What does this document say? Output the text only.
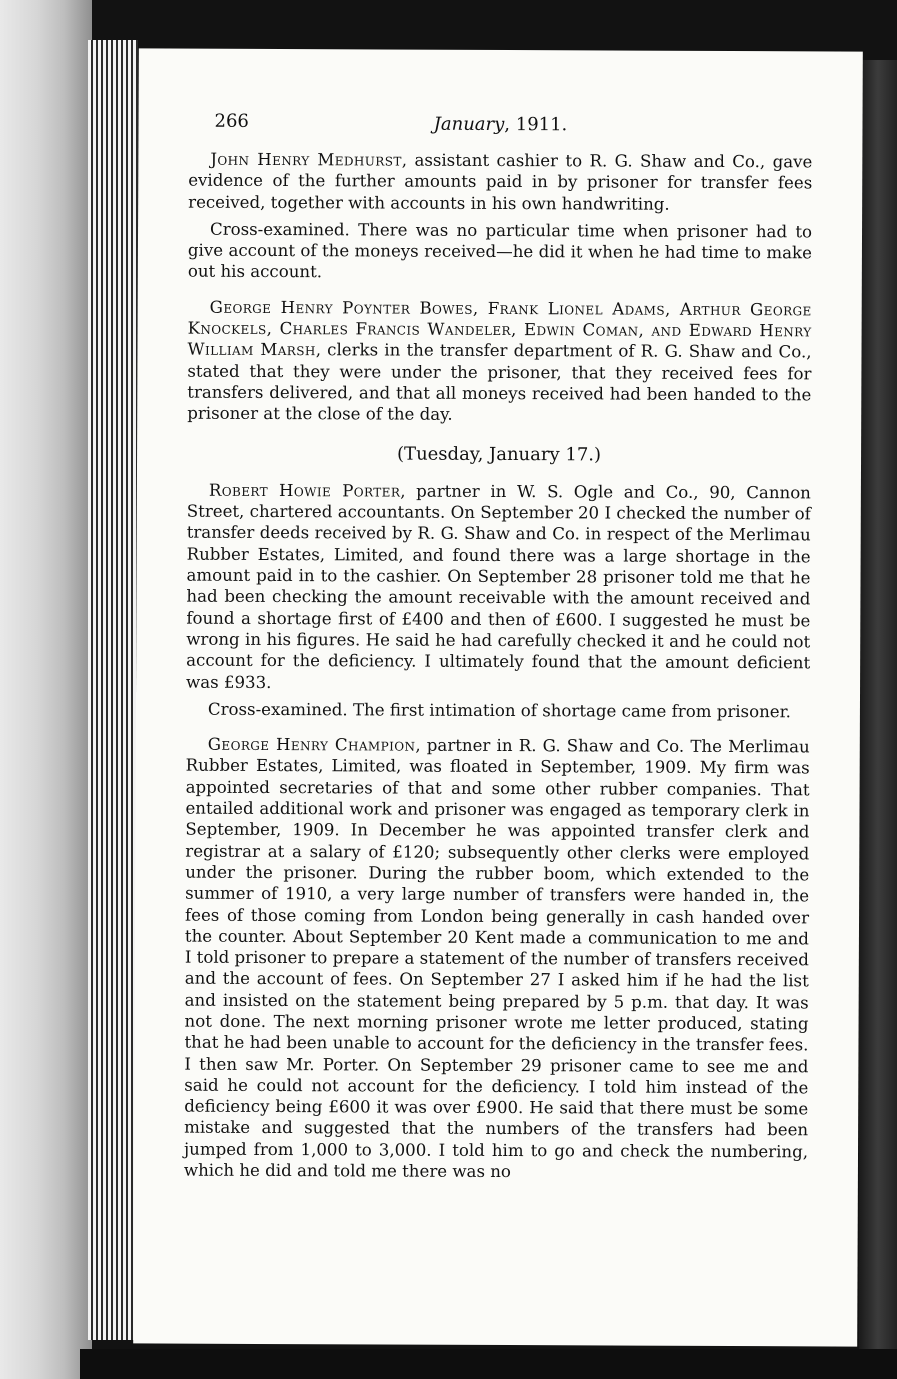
266	January, 1911.

John Henry Medhurst, assistant cashier to R. G. Shaw and Co., gave evidence of the further amounts paid in by prisoner for transfer fees received, together with accounts in his own handwriting.

Cross-examined. There was no particular time when prisoner had to give account of the moneys received—he did it when he had time to make out his account.

George Henry Poynter Bowes, Frank Lionel Adams, Arthur George Knockels, Charles Francis Wandeler, Edwin Coman, and Edward Henry William Marsh, clerks in the transfer department of R. G. Shaw and Co., stated that they were under the prisoner, that they received fees for transfers delivered, and that all moneys received had been handed to the prisoner at the close of the day.

(Tuesday, January 17.)

Robert Howie Porter, partner in W. S. Ogle and Co., 90, Cannon Street, chartered accountants. On September 20 I checked the number of transfer deeds received by R. G. Shaw and Co. in respect of the Merlimau Rubber Estates, Limited, and found there was a large shortage in the amount paid in to the cashier. On September 28 prisoner told me that he had been checking the amount receivable with the amount received and found a shortage first of £400 and then of £600. I suggested he must be wrong in his figures. He said he had carefully checked it and he could not account for the deficiency. I ultimately found that the amount deficient was £933.

Cross-examined. The first intimation of shortage came from prisoner.

George Henry Champion, partner in R. G. Shaw and Co. The Merlimau Rubber Estates, Limited, was floated in September, 1909. My firm was appointed secretaries of that and some other rubber companies. That entailed additional work and prisoner was engaged as temporary clerk in September, 1909. In December he was appointed transfer clerk and registrar at a salary of £120; subsequently other clerks were employed under the prisoner. During the rubber boom, which extended to the summer of 1910, a very large number of transfers were handed in, the fees of those coming from London being generally in cash handed over the counter. About September 20 Kent made a communication to me and I told prisoner to prepare a statement of the number of transfers received and the account of fees. On September 27 I asked him if he had the list and insisted on the statement being prepared by 5 p.m. that day. It was not done. The next morning prisoner wrote me letter produced, stating that he had been unable to account for the deficiency in the transfer fees. I then saw Mr. Porter. On September 29 prisoner came to see me and said he could not account for the deficiency. I told him instead of the deficiency being £600 it was over £900. He said that there must be some mistake and suggested that the numbers of the transfers had been jumped from 1,000 to 3,000. I told him to go and check the numbering, which he did and told me there was no
